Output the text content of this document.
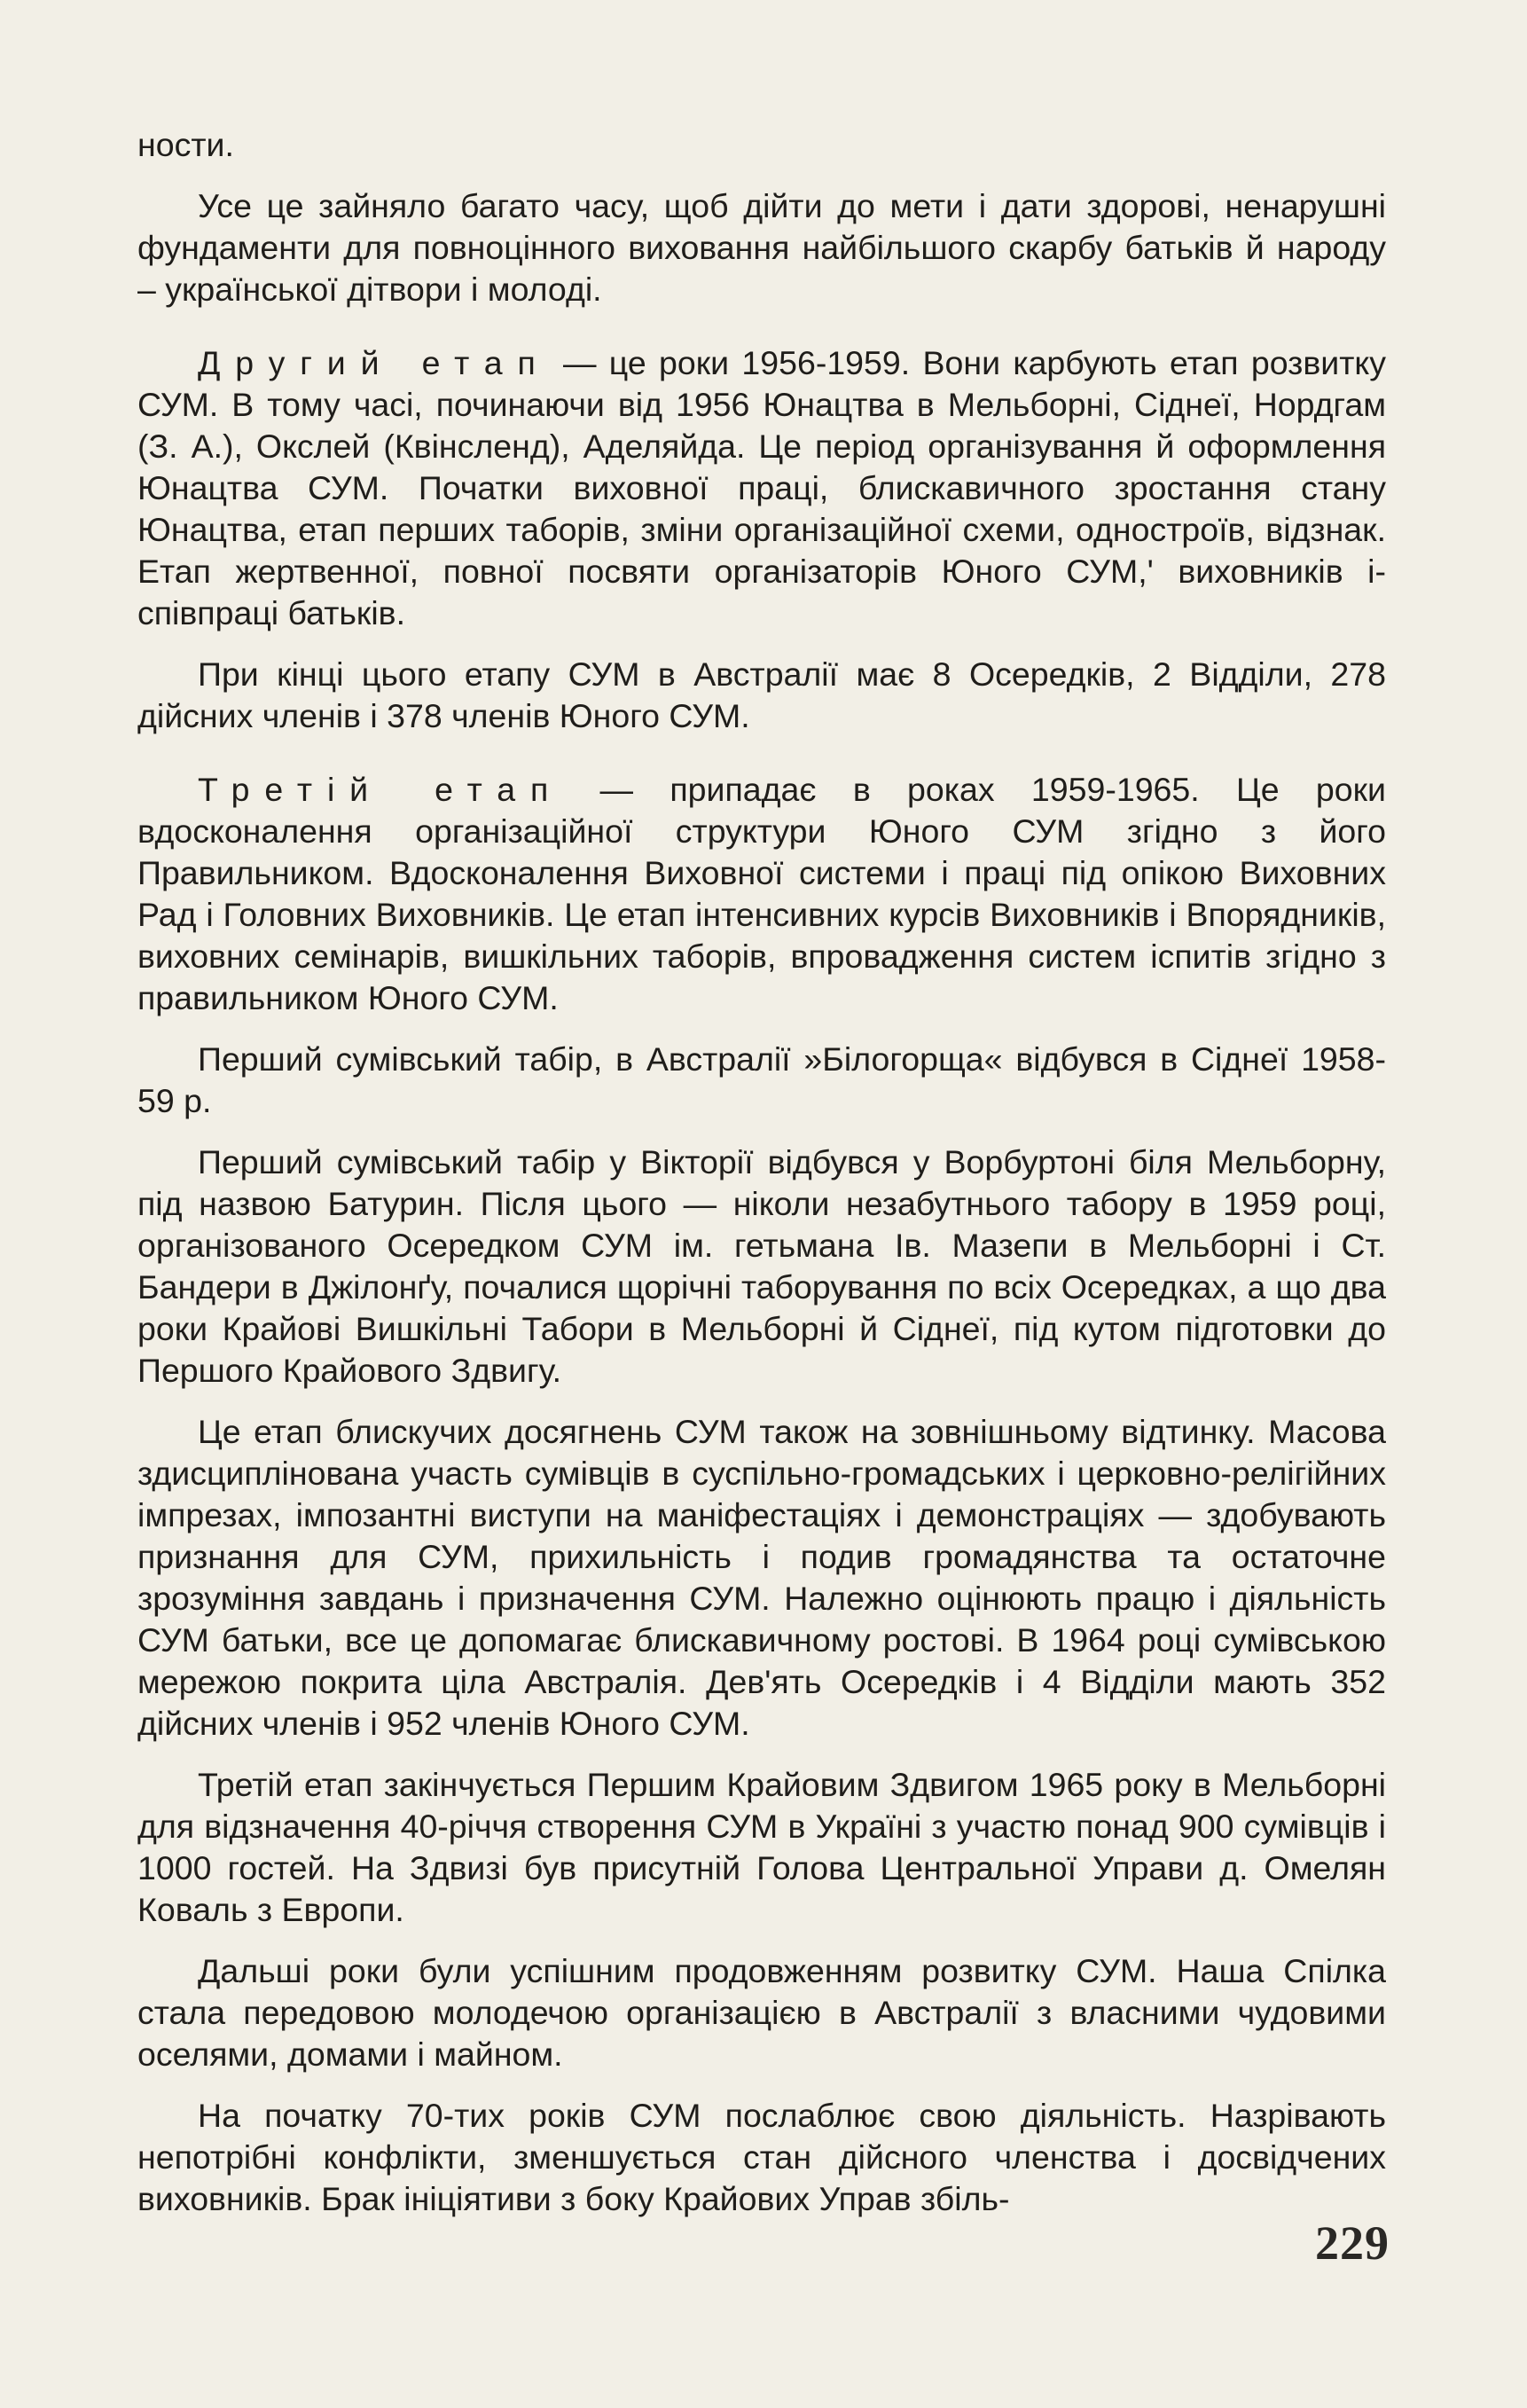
ности.

Усе це зайняло багато часу, щоб дійти до мети і дати здорові, ненарушні фундаменти для повноцінного виховання найбільшого скарбу батьків й народу – української дітвори і молоді.

Другий етап — це роки 1956-1959. Вони карбують етап розвитку СУМ. В тому часі, починаючи від 1956 Юнацтва в Мельборні, Сіднеї, Нордгам (З. А.), Окслей (Квінсленд), Аделяйда. Це період організування й оформлення Юнацтва СУМ. Початки виховної праці, блискавичного зростання стану Юнацтва, етап перших таборів, зміни організаційної схеми, одностроїв, відзнак. Етап жертвенної, повної посвяти організаторів Юного СУМ,' виховників і-співпраці батьків.

При кінці цього етапу СУМ в Австралії має 8 Осередків, 2 Відділи, 278 дійсних членів і 378 членів Юного СУМ.

Третій етап — припадає в роках 1959-1965. Це роки вдосконалення організаційної структури Юного СУМ згідно з його Правильником. Вдосконалення Виховної системи і праці під опікою Виховних Рад і Головних Виховників. Це етап інтенсивних курсів Виховників і Впорядників, виховних семінарів, вишкільних таборів, впровадження систем іспитів згідно з правильником Юного СУМ.

Перший сумівський табір, в Австралії »Білогорща« відбувся в Сіднеї 1958-59 р.

Перший сумівський табір у Вікторії відбувся у Ворбуртоні біля Мельборну, під назвою Батурин. Після цього — ніколи незабутнього табору в 1959 році, організованого Осередком СУМ ім. гетьмана Ів. Мазепи в Мельборні і Ст. Бандери в Джілонґу, почалися щорічні таборування по всіх Осередках, а що два роки Крайові Вишкільні Табори в Мельборні й Сіднеї, під кутом підготовки до Першого Крайового Здвигу.

Це етап блискучих досягнень СУМ також на зовнішньому відтинку. Масова здисциплінована участь сумівців в суспільно-громадських і церковно-релігійних імпрезах, імпозантні виступи на маніфестаціях і демонстраціях — здобувають признання для СУМ, прихильність і подив громадянства та остаточне зрозуміння завдань і призначення СУМ. Належно оцінюють працю і діяльність СУМ батьки, все це допомагає блискавичному ростові. В 1964 році сумівською мережою покрита ціла Австралія. Дев'ять Осередків і 4 Відділи мають 352 дійсних членів і 952 членів Юного СУМ.

Третій етап закінчується Першим Крайовим Здвигом 1965 року в Мельборні для відзначення 40-річчя створення СУМ в Україні з участю понад 900 сумівців і 1000 гостей. На Здвизі був присутній Голова Центральної Управи д. Омелян Коваль з Европи.

Дальші роки були успішним продовженням розвитку СУМ. Наша Спілка стала передовою молодечою організацією в Австралії з власними чудовими оселями, домами і майном.

На початку 70-тих років СУМ послаблює свою діяльність. Назрівають непотрібні конфлікти, зменшується стан дійсного членства і досвідчених виховників. Брак ініціятиви з боку Крайових Управ збіль-

229
